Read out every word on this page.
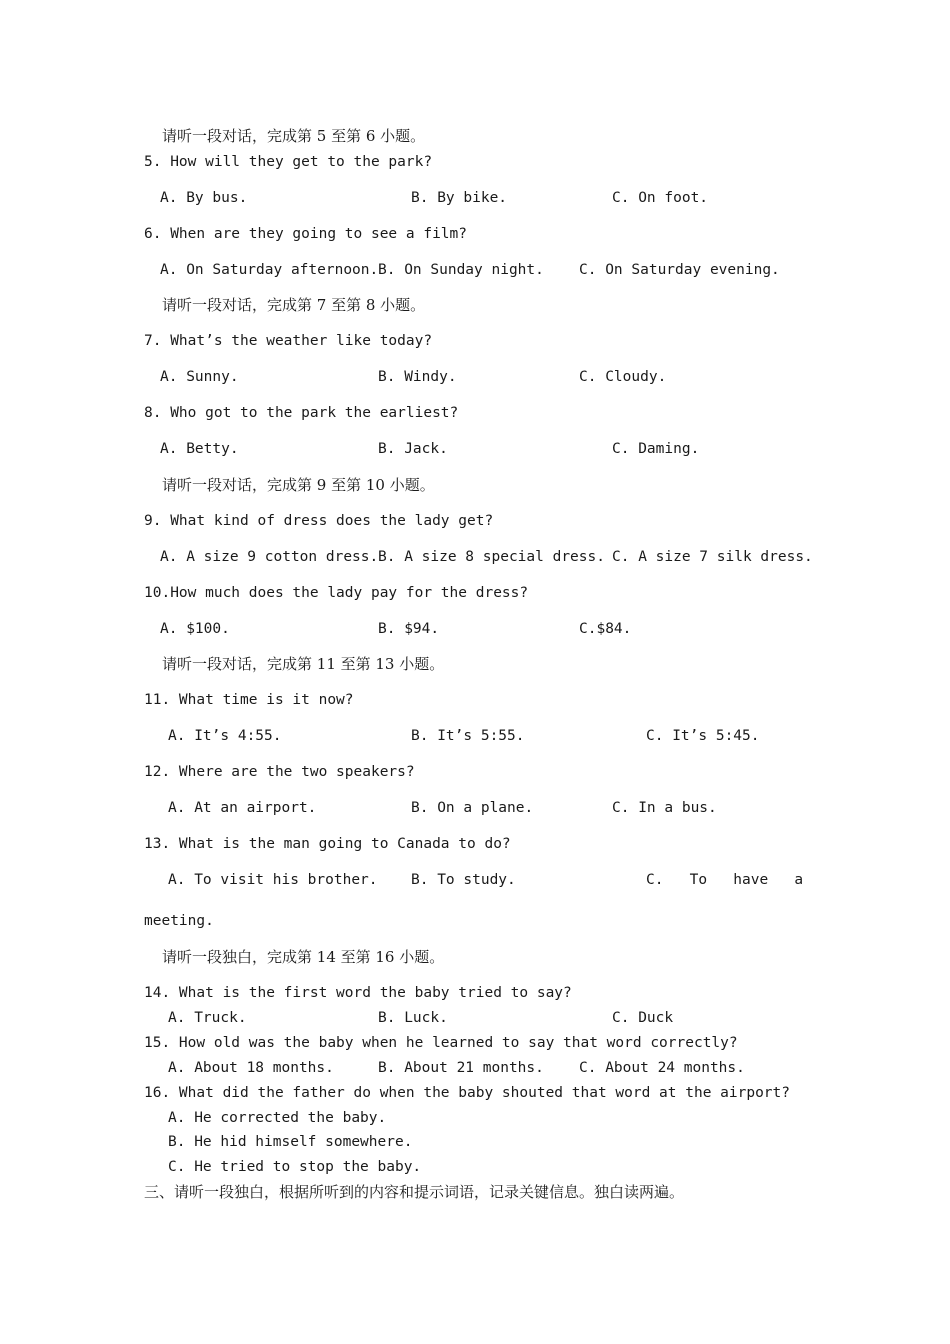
请听一段对话，完成第 5 至第 6 小题。
5. How will they get to the park?
A. By bus.	B. By bike.	C. On foot.
6. When are they going to see a film?
A. On Saturday afternoon. B. On Sunday night. C. On Saturday evening.
请听一段对话，完成第 7 至第 8 小题。
7. What’s the weather like today?
A. Sunny.	B. Windy.	C. Cloudy.
8. Who got to the park the earliest?
A. Betty.	B. Jack.	C. Daming.
请听一段对话，完成第 9 至第 10 小题。
9. What kind of dress does the lady get?
A. A size 9 cotton dress. B. A size 8 special dress. C. A size 7 silk dress.
10.How much does the lady pay for the dress?
A. $100.	B. $94.	C.$84.
请听一段对话，完成第 11 至第 13 小题。
11. What time is it now?
A. It’s 4:55.	B. It’s 5:55.	C. It’s 5:45.
12. Where are the two speakers?
A. At an airport.	B. On a plane.	C. In a bus.
13. What is the man going to Canada to do?
A. To visit his brother. B. To study.	C.   To   have   a
meeting.
请听一段独白，完成第 14 至第 16 小题。
14. What is the first word the baby tried to say?
A. Truck.	B. Luck.	C. Duck
15. How old was the baby when he learned to say that word correctly?
A. About 18 months.	B. About 21 months. C. About 24 months.
16. What did the father do when the baby shouted that word at the airport?
A. He corrected the baby.
B. He hid himself somewhere.
C. He tried to stop the baby.
三、请听一段独白，根据所听到的内容和提示词语，记录关键信息。独白读两遍。
